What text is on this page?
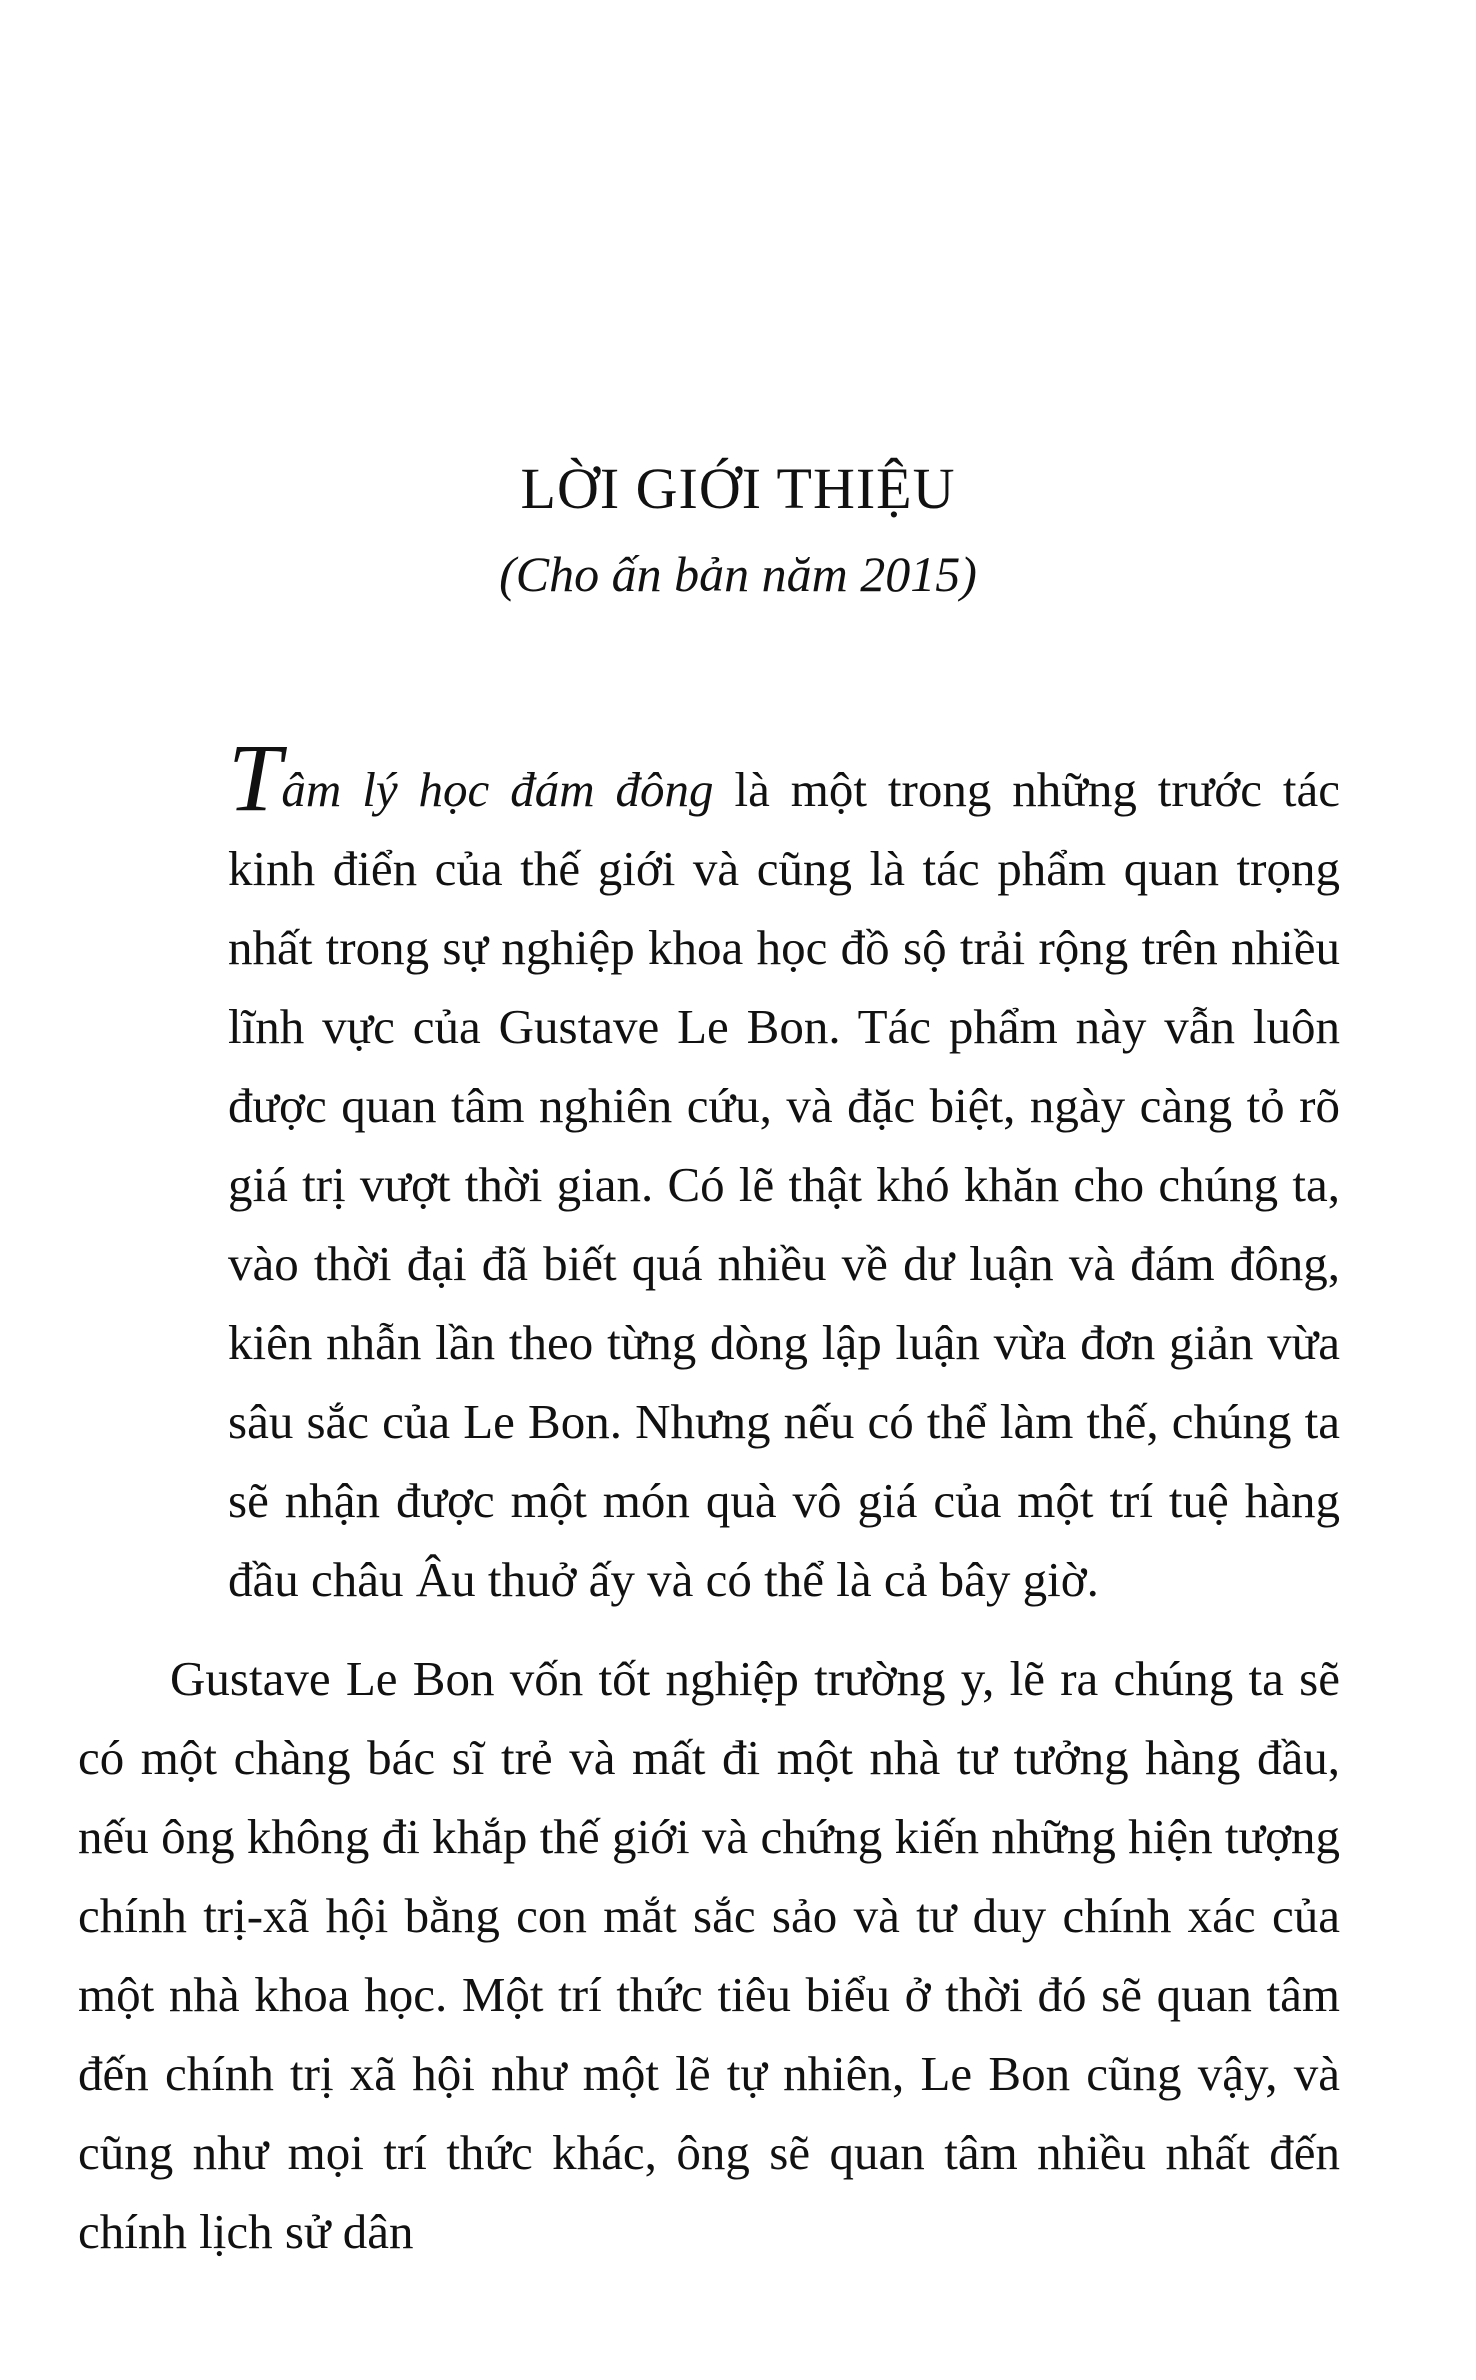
LỜI GIỚI THIỆU
(Cho ấn bản năm 2015)

Tâm lý học đám đông là một trong những trước tác kinh điển của thế giới và cũng là tác phẩm quan trọng nhất trong sự nghiệp khoa học đồ sộ trải rộng trên nhiều lĩnh vực của Gustave Le Bon. Tác phẩm này vẫn luôn được quan tâm nghiên cứu, và đặc biệt, ngày càng tỏ rõ giá trị vượt thời gian. Có lẽ thật khó khăn cho chúng ta, vào thời đại đã biết quá nhiều về dư luận và đám đông, kiên nhẫn lần theo từng dòng lập luận vừa đơn giản vừa sâu sắc của Le Bon. Nhưng nếu có thể làm thế, chúng ta sẽ nhận được một món quà vô giá của một trí tuệ hàng đầu châu Âu thuở ấy và có thể là cả bây giờ.

Gustave Le Bon vốn tốt nghiệp trường y, lẽ ra chúng ta sẽ có một chàng bác sĩ trẻ và mất đi một nhà tư tưởng hàng đầu, nếu ông không đi khắp thế giới và chứng kiến những hiện tượng chính trị-xã hội bằng con mắt sắc sảo và tư duy chính xác của một nhà khoa học. Một trí thức tiêu biểu ở thời đó sẽ quan tâm đến chính trị xã hội như một lẽ tự nhiên, Le Bon cũng vậy, và cũng như mọi trí thức khác, ông sẽ quan tâm nhiều nhất đến chính lịch sử dân
